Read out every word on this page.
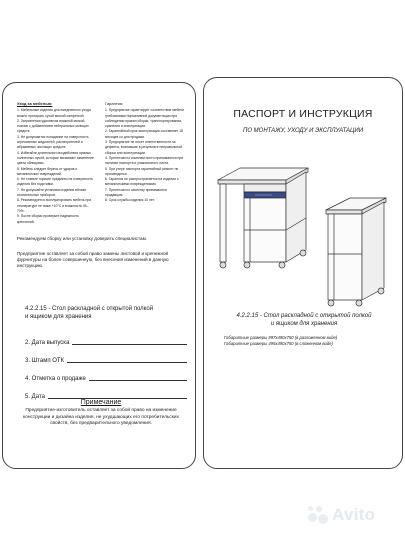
Уход за мебелью:

1. Мебельные изделия для ежедневного ухода можно протирать сухой мягкой салфеткой.
2. Загрязнения удаляются влажной мягкой тканью с добавлением нейтральных моющих средств.
3. Не допускается попадание на поверхность агрессивных жидкостей, растворителей и абразивных чистящих средств.
4. Избегайте длительного воздействия прямых солнечных лучей, которые вызывают изменение цвета облицовки.
5. Мебель следует беречь от ударов и механических повреждений.
6. Не ставьте горячие предметы на поверхность изделия без подставки.
7. Не допускайте установки изделия вблизи отопительных приборов.
8. Рекомендуется эксплуатировать мебель при температуре не ниже +10°С и влажности 45–70%.
9. После сборки проверьте надежность креплений.

Гарантия:

1. Предприятие гарантирует соответствие мебели требованиям нормативной документации при соблюдении правил сборки, транспортирования, хранения и эксплуатации.
2. Гарантийный срок эксплуатации составляет 18 месяцев со дня продажи.
3. Предприятие не несет ответственности за дефекты, возникшие в результате неправильной сборки или эксплуатации.
4. Претензии по комплектности принимаются при наличии паспорта и упаковочного листа.
5. При утере паспорта гарантийный ремонт не производится.
6. Гарантия не распространяется на изделия с механическими повреждениями.
7. Претензии по качеству принимаются продавцом.
8. Срок службы изделия 10 лет.

Рекомендуем сборку или установку доверить специалистам.
Предприятие оставляет за собой право замены листовой и крепежной
фурнитуры на более совершенную, без внесения изменений в данную
инструкцию.
4.2.2.15 - Стол раскладной с открытой полкой
и ящиком для хранения
2. Дата выпуска
3. Штамп ОТК
4. Отметка о продаже
5. Дата
Примечание
Предприятие-изготовитель оставляет за собой право на изменение конструкции и дизайна изделия, не ухудшающих его потребительских свойств, без предварительного уведомления.
ПАСПОРТ И ИНСТРУКЦИЯ
ПО МОНТАЖУ, УХОДУ И ЭКСПЛУАТАЦИИ
4.2.2.15 - Стол раскладной с открытой полкой
и ящиком для хранения
Габаритные размеры 997х490х750 (в разложенном виде)
Габаритные размеры 495х490х750 (в сложенном виде)
Avito
